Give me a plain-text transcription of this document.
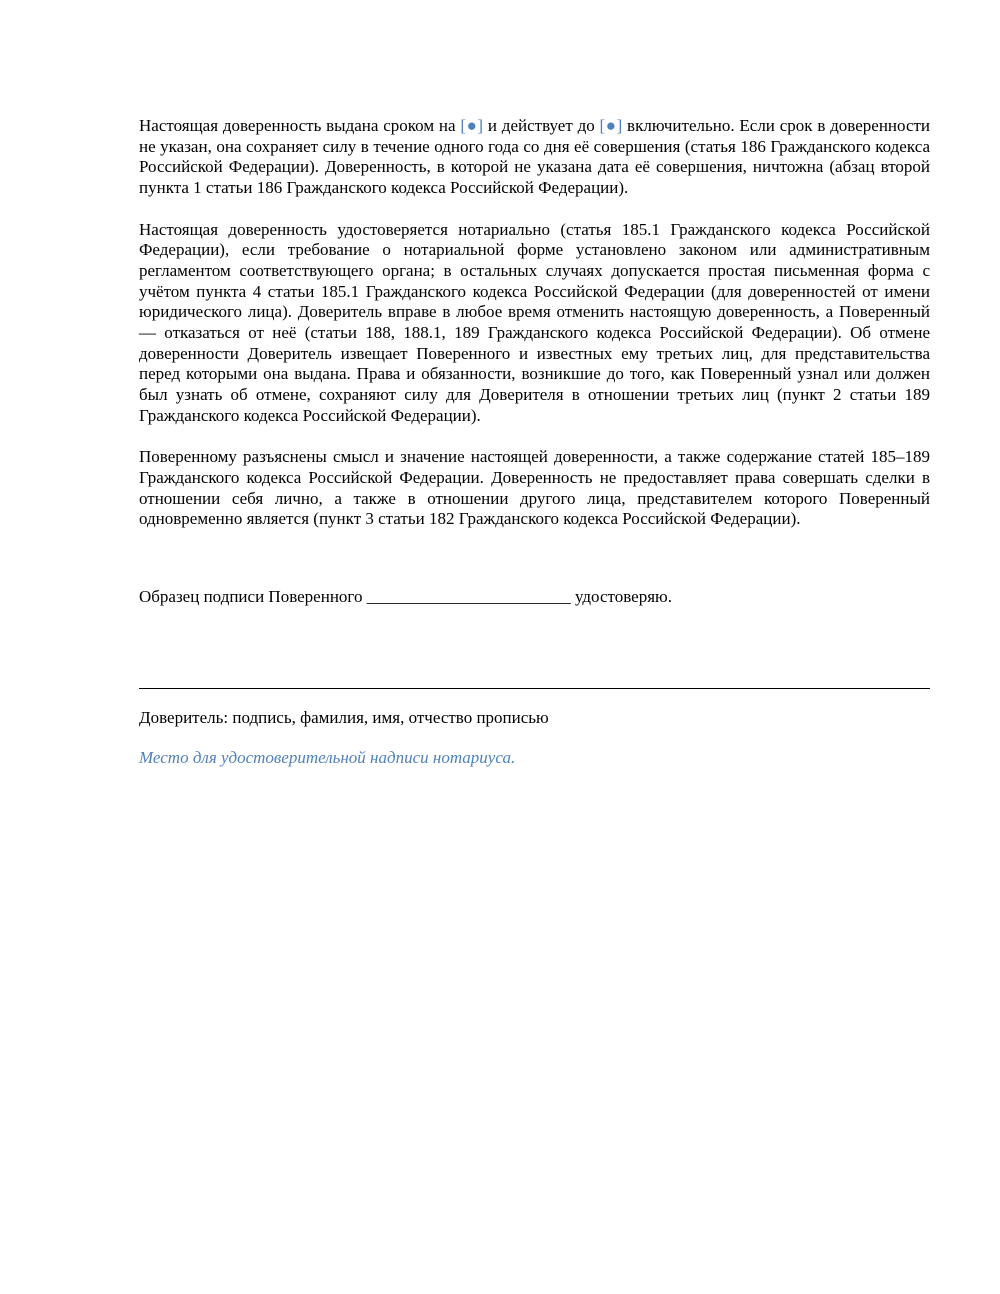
Настоящая доверенность выдана сроком на [●] и действует до [●] включительно. Если срок в доверенности не указан, она сохраняет силу в течение одного года со дня её совершения (статья 186 Гражданского кодекса Российской Федерации). Доверенность, в которой не указана дата её совершения, ничтожна (абзац второй пункта 1 статьи 186 Гражданского кодекса Российской Федерации).

Настоящая доверенность удостоверяется нотариально (статья 185.1 Гражданского кодекса Российской Федерации), если требование о нотариальной форме установлено законом или административным регламентом соответствующего органа; в остальных случаях допускается простая письменная форма с учётом пункта 4 статьи 185.1 Гражданского кодекса Российской Федерации (для доверенностей от имени юридического лица). Доверитель вправе в любое время отменить настоящую доверенность, а Поверенный — отказаться от неё (статьи 188, 188.1, 189 Гражданского кодекса Российской Федерации). Об отмене доверенности Доверитель извещает Поверенного и известных ему третьих лиц, для представительства перед которыми она выдана. Права и обязанности, возникшие до того, как Поверенный узнал или должен был узнать об отмене, сохраняют силу для Доверителя в отношении третьих лиц (пункт 2 статьи 189 Гражданского кодекса Российской Федерации).

Поверенному разъяснены смысл и значение настоящей доверенности, а также содержание статей 185–189 Гражданского кодекса Российской Федерации. Доверенность не предоставляет права совершать сделки в отношении себя лично, а также в отношении другого лица, представителем которого Поверенный одновременно является (пункт 3 статьи 182 Гражданского кодекса Российской Федерации).

Образец подписи Поверенного ________________________ удостоверяю.

Доверитель: подпись, фамилия, имя, отчество прописью

Место для удостоверительной надписи нотариуса.
